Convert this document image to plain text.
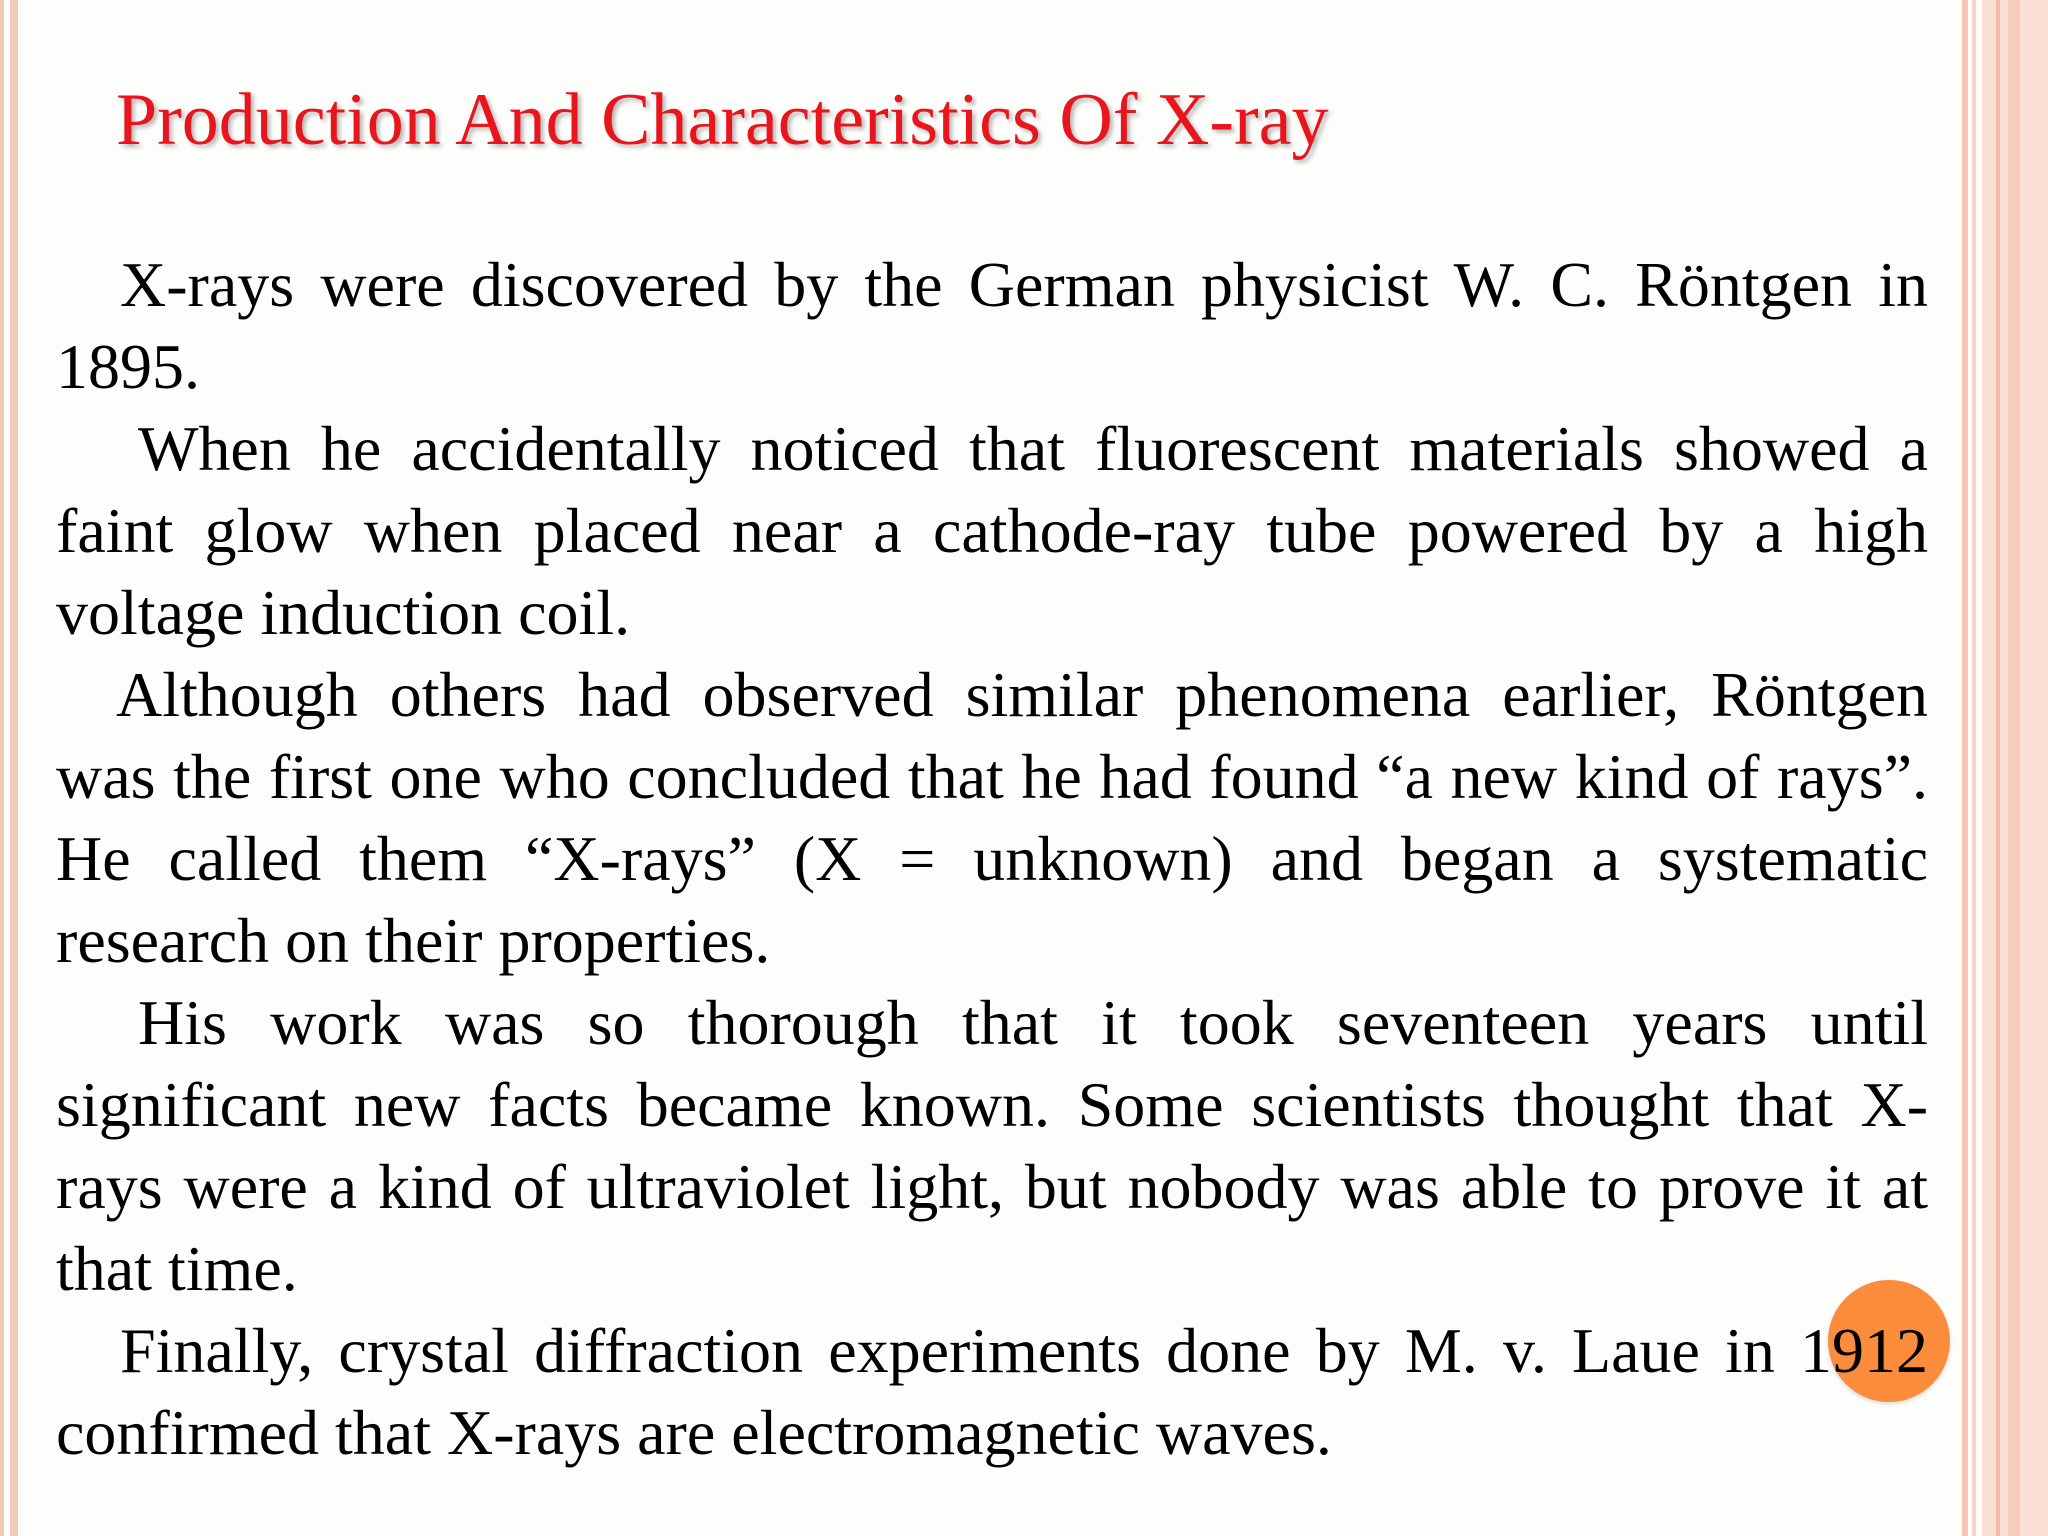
Production And Characteristics Of X-ray

X-rays were discovered by the German physicist W. C. Röntgen in 1895.

When he accidentally noticed that fluorescent materials showed a faint glow when placed near a cathode-ray tube powered by a high voltage induction coil.

Although others had observed similar phenomena earlier, Röntgen was the first one who concluded that he had found “a new kind of rays”. He called them “X-rays” (X = unknown) and began a systematic research on their properties.

His work was so thorough that it took seventeen years until significant new facts became known. Some scientists thought that X-rays were a kind of ultraviolet light, but nobody was able to prove it at that time.

Finally, crystal diffraction experiments done by M. v. Laue in 1912 confirmed that X-rays are electromagnetic waves.
